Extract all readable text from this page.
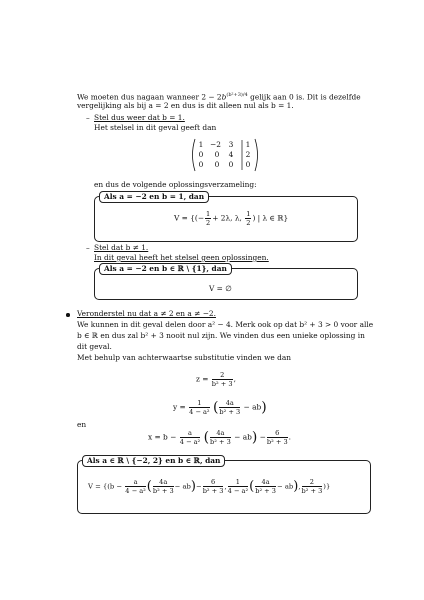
We moeten dus nagaan wanneer $2 - 2b^{(b^2+3)/4}$ gelijk aan 0 is. Dit is dezelfde
vergelijking als bij a = 2 en dus is dit alleen nul als b = 1.
– Stel dus weer dat b = 1.
Het stelsel in dit geval geeft dan
1 −2	3	1
0	0	4	2
0	0	0	0
en dus de volgende oplossingsverzameling:
Als a = −2 en b = 1, dan
V = {(− $\frac{1}{2} + 2\lambda$, λ, $\frac{1}{2}$ ) | λ ∈ ℝ}
– Stel dat b ≠ 1.
In dit geval heeft het stelsel geen oplossingen.
Als a = −2 en b ∈ ℝ \ {1}, dan
V = ∅
Veronderstel nu dat a ≠ 2 en a ≠ −2.
We kunnen in dit geval delen door a² − 4. Merk ook op dat b² + 3 > 0 voor alle
b ∈ ℝ en dus zal b² + 3 nooit nul zijn. We vinden dus een unieke oplossing in
dit geval.
Met behulp van achterwaartse substitutie vinden we dan
$z = \frac{2}{\text{b² + 3}}$ ,
$y = \frac{1}{\text{4 − a²}}$ ( $\frac{4a}{\text{b² + 3}} - ab$)
en
$x = b - \frac{a}{\text{4 − a²}}$ ( $\frac{4a}{\text{b² + 3}} - ab) - \frac{6}{\text{b² + 3}}$ .
Als a ∈ ℝ \ {−2, 2} en b ∈ ℝ, dan
$V = \{(b - \frac{a}{\text{4 − a²}}$ ( $\frac{4a}{\text{b² + 3}} - ab)- \frac{6}{\text{b² + 3}}$ , $\frac{1}{\text{4 − a²}}$ ( $\frac{4a}{\text{b² + 3}} - ab$), $\frac{2}{\text{b² + 3}}$ )}
